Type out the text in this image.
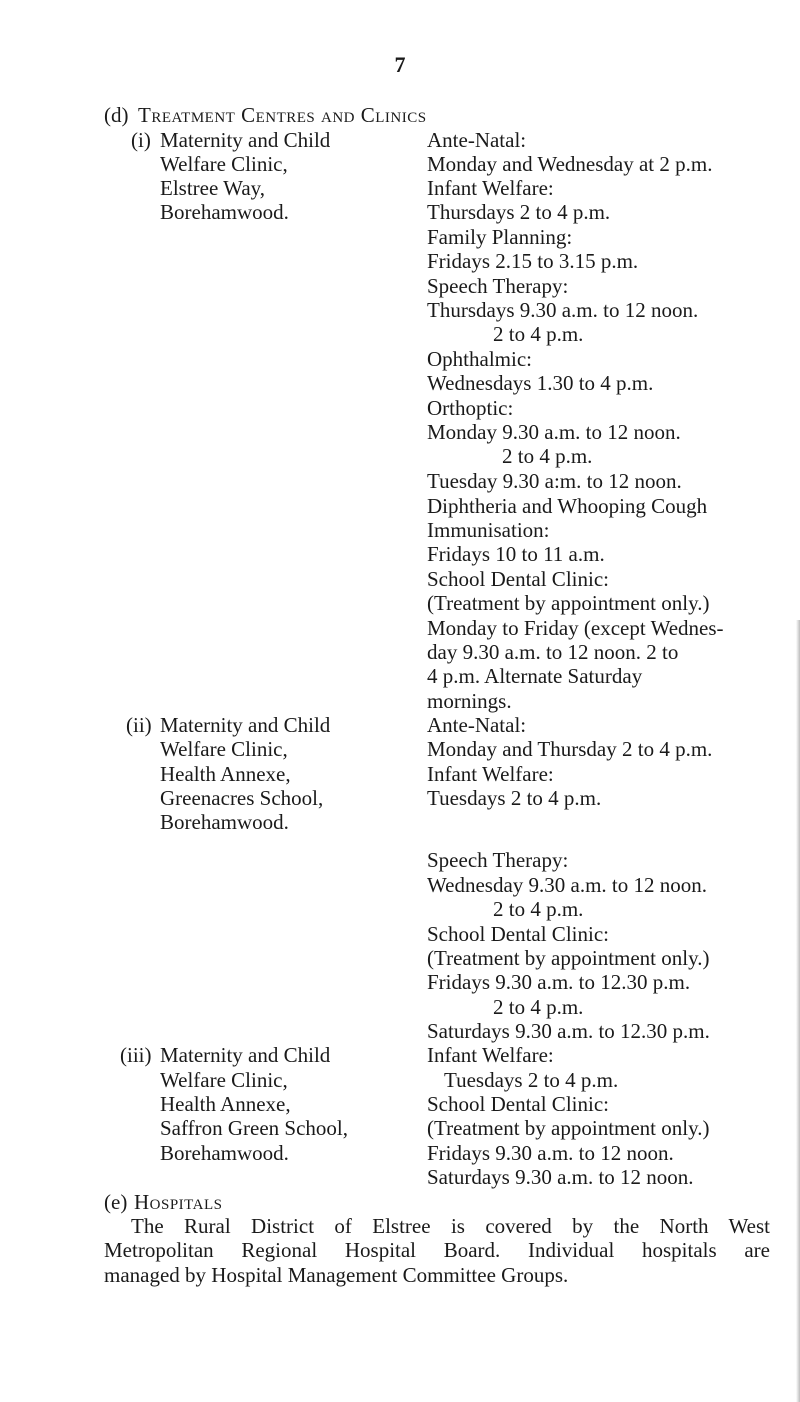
7
(d) Treatment Centres and Clinics
(i) Maternity and Child
Welfare Clinic,
Elstree Way,
Borehamwood.
Ante-Natal:
Monday and Wednesday at 2 p.m.
Infant Welfare:
Thursdays 2 to 4 p.m.
Family Planning:
Fridays 2.15 to 3.15 p.m.
Speech Therapy:
Thursdays 9.30 a.m. to 12 noon.
2 to 4 p.m.
Ophthalmic:
Wednesdays 1.30 to 4 p.m.
Orthoptic:
Monday 9.30 a.m. to 12 noon.
2 to 4 p.m.
Tuesday 9.30 a:m. to 12 noon.
Diphtheria and Whooping Cough
Immunisation:
Fridays 10 to 11 a.m.
School Dental Clinic:
(Treatment by appointment only.)
Monday to Friday (except Wednes-
day 9.30 a.m. to 12 noon. 2 to
4 p.m. Alternate Saturday
mornings.
(ii) Maternity and Child
Welfare Clinic,
Health Annexe,
Greenacres School,
Borehamwood.
Ante-Natal:
Monday and Thursday 2 to 4 p.m.
Infant Welfare:
Tuesdays 2 to 4 p.m.
Speech Therapy:
Wednesday 9.30 a.m. to 12 noon.
2 to 4 p.m.
School Dental Clinic:
(Treatment by appointment only.)
Fridays 9.30 a.m. to 12.30 p.m.
2 to 4 p.m.
Saturdays 9.30 a.m. to 12.30 p.m.
(iii) Maternity and Child
Welfare Clinic,
Health Annexe,
Saffron Green School,
Borehamwood.
Infant Welfare:
Tuesdays 2 to 4 p.m.
School Dental Clinic:
(Treatment by appointment only.)
Fridays 9.30 a.m. to 12 noon.
Saturdays 9.30 a.m. to 12 noon.
(e) Hospitals
The Rural District of Elstree is covered by the North West
Metropolitan Regional Hospital Board. Individual hospitals are
managed by Hospital Management Committee Groups.
